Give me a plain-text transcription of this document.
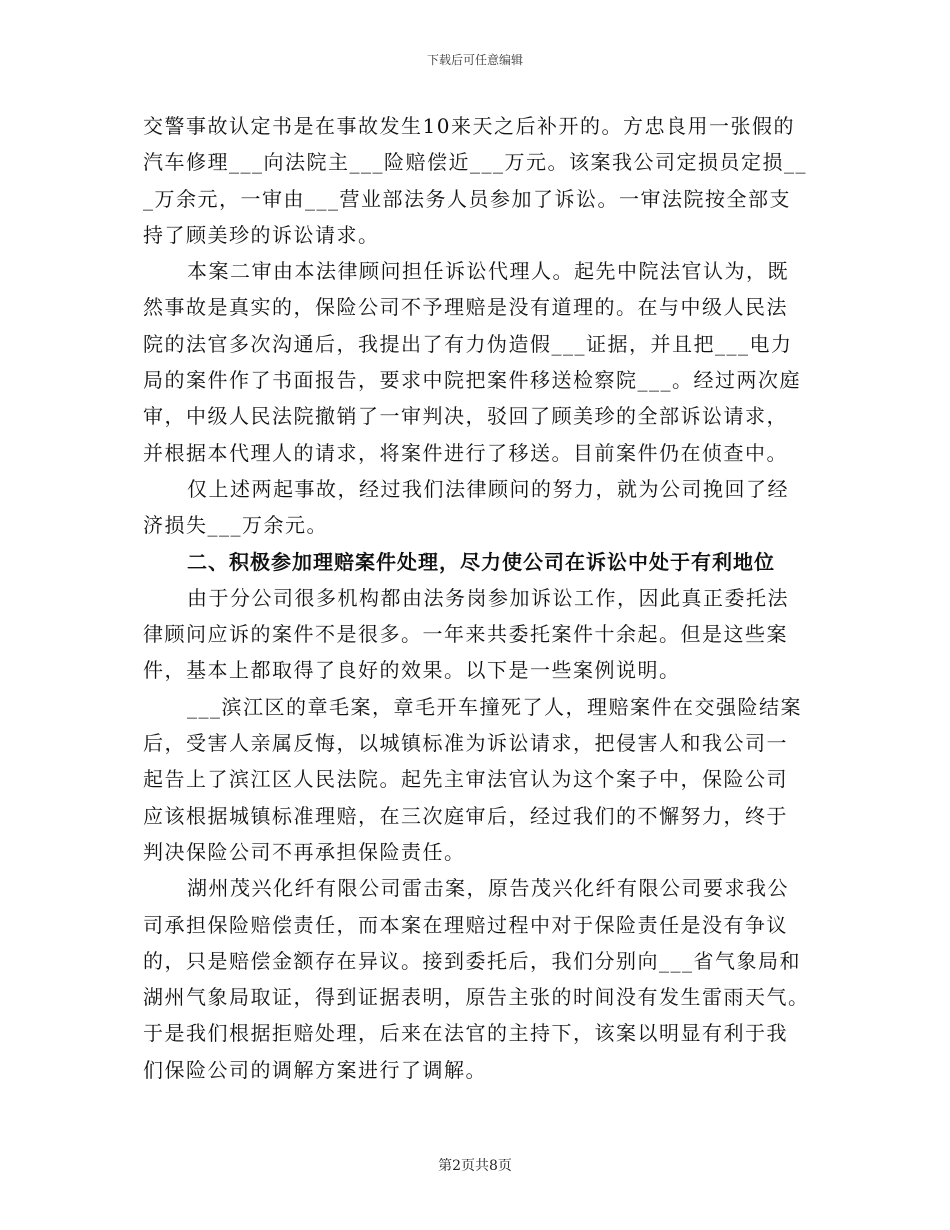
下载后可任意编辑
交警事故认定书是在事故发生10来天之后补开的。方忠良用一张假的
汽车修理___向法院主___险赔偿近___万元。该案我公司定损员定损__
_万余元，一审由___营业部法务人员参加了诉讼。一审法院按全部支
持了顾美珍的诉讼请求。
本案二审由本法律顾问担任诉讼代理人。起先中院法官认为，既
然事故是真实的，保险公司不予理赔是没有道理的。在与中级人民法
院的法官多次沟通后，我提出了有力伪造假___证据，并且把___电力
局的案件作了书面报告，要求中院把案件移送检察院___。经过两次庭
审，中级人民法院撤销了一审判决，驳回了顾美珍的全部诉讼请求，
并根据本代理人的请求，将案件进行了移送。目前案件仍在侦查中。
仅上述两起事故，经过我们法律顾问的努力，就为公司挽回了经
济损失___万余元。
二、积极参加理赔案件处理，尽力使公司在诉讼中处于有利地位
由于分公司很多机构都由法务岗参加诉讼工作，因此真正委托法
律顾问应诉的案件不是很多。一年来共委托案件十余起。但是这些案
件，基本上都取得了良好的效果。以下是一些案例说明。
___滨江区的章毛案，章毛开车撞死了人，理赔案件在交强险结案
后，受害人亲属反悔，以城镇标准为诉讼请求，把侵害人和我公司一
起告上了滨江区人民法院。起先主审法官认为这个案子中，保险公司
应该根据城镇标准理赔，在三次庭审后，经过我们的不懈努力，终于
判决保险公司不再承担保险责任。
湖州茂兴化纤有限公司雷击案，原告茂兴化纤有限公司要求我公
司承担保险赔偿责任，而本案在理赔过程中对于保险责任是没有争议
的，只是赔偿金额存在异议。接到委托后，我们分别向___省气象局和
湖州气象局取证，得到证据表明，原告主张的时间没有发生雷雨天气。
于是我们根据拒赔处理，后来在法官的主持下，该案以明显有利于我
们保险公司的调解方案进行了调解。
第2页共8页
